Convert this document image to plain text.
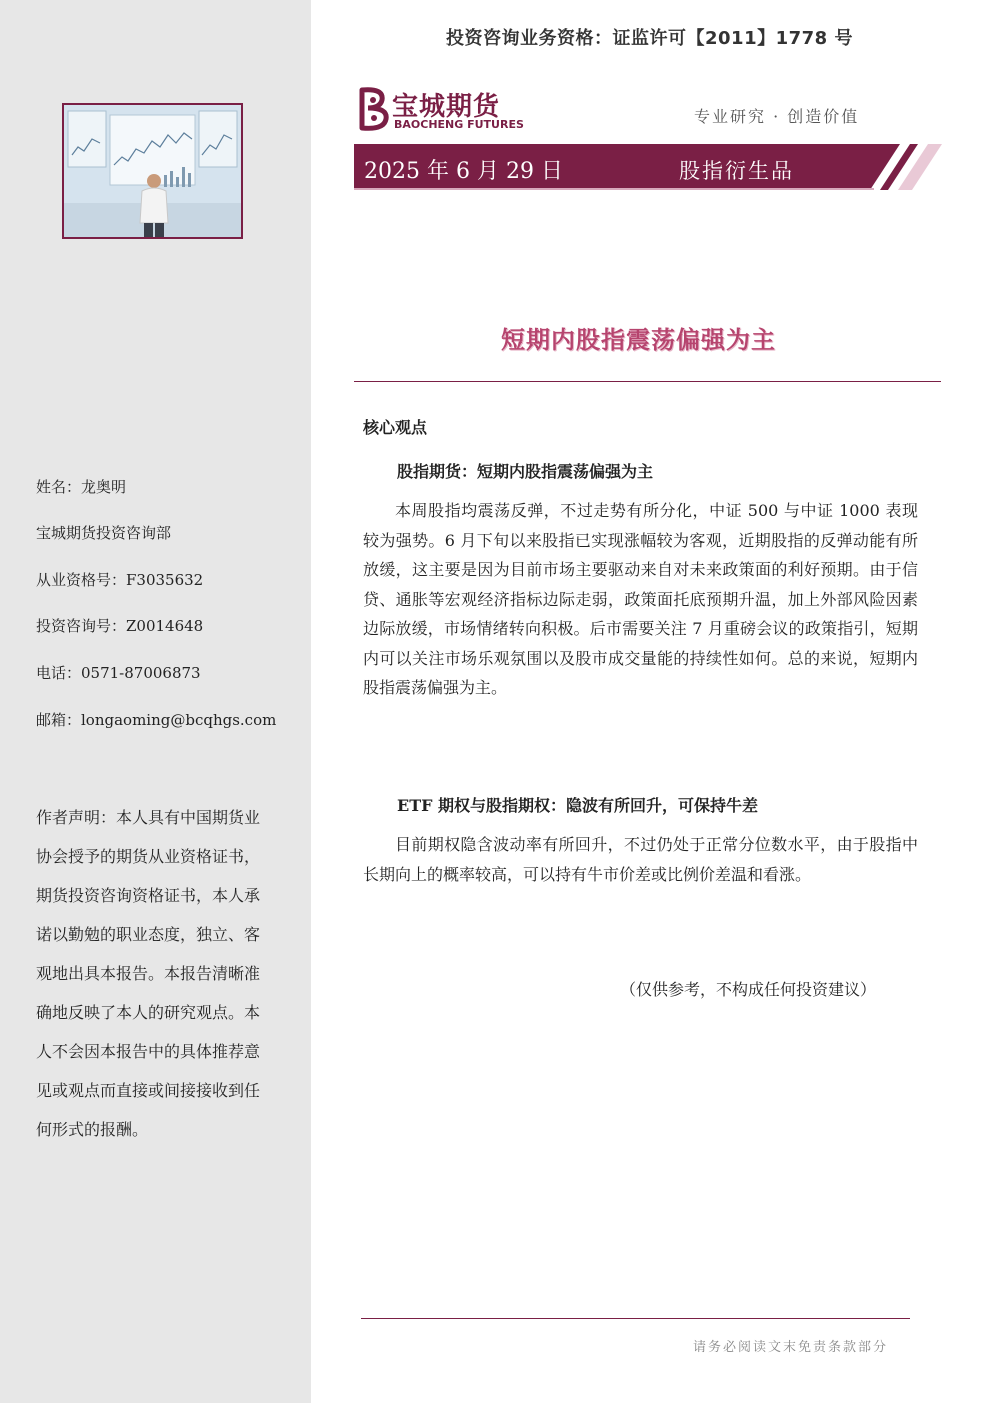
姓名：龙奥明
宝城期货投资咨询部
从业资格号：F3035632
投资咨询号：Z0014648
电话：0571-87006873
邮箱：longaoming@bcqhgs.com
作者声明：本人具有中国期货业协会授予的期货从业资格证书，期货投资咨询资格证书，本人承诺以勤勉的职业态度，独立、客观地出具本报告。本报告清晰准确地反映了本人的研究观点。本人不会因本报告中的具体推荐意见或观点而直接或间接接收到任何形式的报酬。
投资咨询业务资格：证监许可【2011】1778 号
宝城期货
BAOCHENG FUTURES	专业研究 · 创造价值
2025 年 6 月 29 日	股指衍生品
短期内股指震荡偏强为主
核心观点
股指期货：短期内股指震荡偏强为主
本周股指均震荡反弹，不过走势有所分化，中证 500 与中证 1000 表现较为强势。6 月下旬以来股指已实现涨幅较为客观，近期股指的反弹动能有所放缓，这主要是因为目前市场主要驱动来自对未来政策面的利好预期。由于信贷、通胀等宏观经济指标边际走弱，政策面托底预期升温，加上外部风险因素边际放缓，市场情绪转向积极。后市需要关注 7 月重磅会议的政策指引，短期内可以关注市场乐观氛围以及股市成交量能的持续性如何。总的来说，短期内股指震荡偏强为主。
ETF 期权与股指期权：隐波有所回升，可保持牛差
目前期权隐含波动率有所回升，不过仍处于正常分位数水平，由于股指中长期向上的概率较高，可以持有牛市价差或比例价差温和看涨。
（仅供参考，不构成任何投资建议）
请务必阅读文末免责条款部分
